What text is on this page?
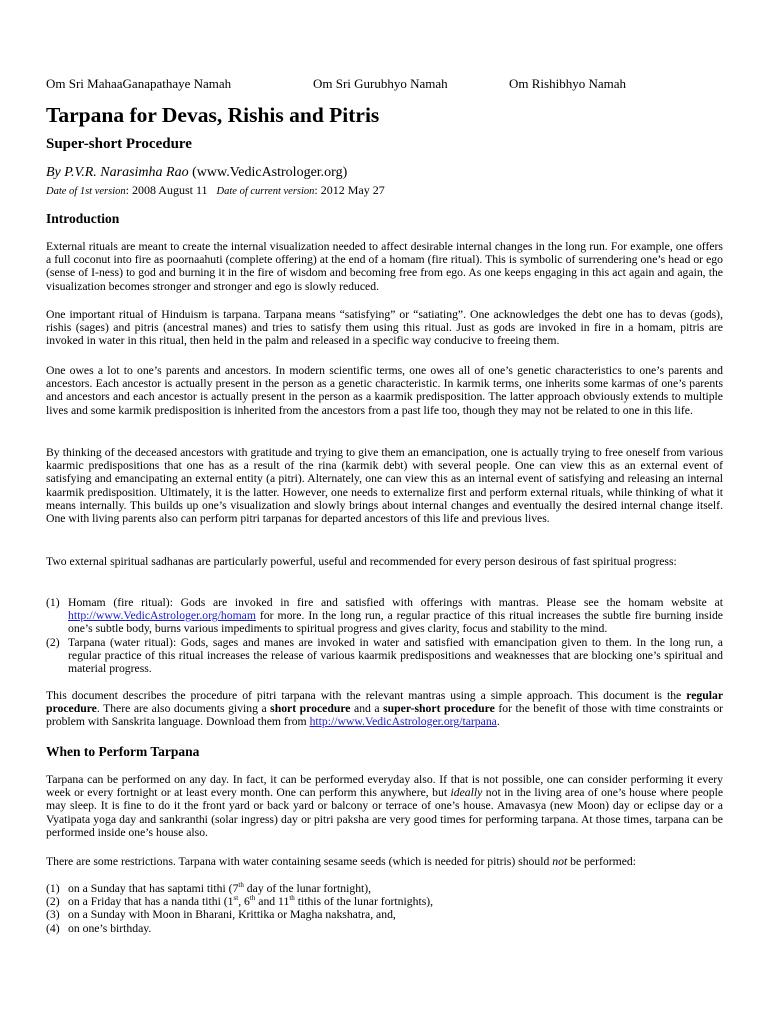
Om Sri MahaaGanapathaye Namah	Om Sri Gurubhyo Namah	Om Rishibhyo Namah
Tarpana for Devas, Rishis and Pitris
Super-short Procedure
By P.V.R. Narasimha Rao (www.VedicAstrologer.org)
Date of 1st version: 2008 August 11 Date of current version: 2012 May 27
Introduction

External rituals are meant to create the internal visualization needed to affect desirable internal changes in the long run. For example, one offers a full coconut into fire as poornaahuti (complete offering) at the end of a homam (fire ritual). This is symbolic of surrendering one’s head or ego (sense of I-ness) to god and burning it in the fire of wisdom and becoming free from ego. As one keeps engaging in this act again and again, the visualization becomes stronger and stronger and ego is slowly reduced.

One important ritual of Hinduism is tarpana. Tarpana means “satisfying” or “satiating”. One acknowledges the debt one has to devas (gods), rishis (sages) and pitris (ancestral manes) and tries to satisfy them using this ritual. Just as gods are invoked in fire in a homam, pitris are invoked in water in this ritual, then held in the palm and released in a specific way conducive to freeing them.

One owes a lot to one’s parents and ancestors. In modern scientific terms, one owes all of one’s genetic characteristics to one’s parents and ancestors. Each ancestor is actually present in the person as a genetic characteristic. In karmik terms, one inherits some karmas of one’s parents and ancestors and each ancestor is actually present in the person as a kaarmik predisposition. The latter approach obviously extends to multiple lives and some karmik predisposition is inherited from the ancestors from a past life too, though they may not be related to one in this life.

By thinking of the deceased ancestors with gratitude and trying to give them an emancipation, one is actually trying to free oneself from various kaarmic predispositions that one has as a result of the rina (karmik debt) with several people. One can view this as an external event of satisfying and emancipating an external entity (a pitri). Alternately, one can view this as an internal event of satisfying and releasing an internal kaarmik predisposition. Ultimately, it is the latter. However, one needs to externalize first and perform external rituals, while thinking of what it means internally. This builds up one’s visualization and slowly brings about internal changes and eventually the desired internal change itself. One with living parents also can perform pitri tarpanas for departed ancestors of this life and previous lives.

Two external spiritual sadhanas are particularly powerful, useful and recommended for every person desirous of fast spiritual progress:

(1) Homam (fire ritual): Gods are invoked in fire and satisfied with offerings with mantras. Please see the homam website at http://www.VedicAstrologer.org/homam for more. In the long run, a regular practice of this ritual increases the subtle fire burning inside one’s subtle body, burns various impediments to spiritual progress and gives clarity, focus and stability to the mind.
(2) Tarpana (water ritual): Gods, sages and manes are invoked in water and satisfied with emancipation given to them. In the long run, a regular practice of this ritual increases the release of various kaarmik predispositions and weaknesses that are blocking one’s spiritual and material progress.

This document describes the procedure of pitri tarpana with the relevant mantras using a simple approach. This document is the regular procedure. There are also documents giving a short procedure and a super-short procedure for the benefit of those with time constraints or problem with Sanskrita language. Download them from http://www.VedicAstrologer.org/tarpana.

When to Perform Tarpana

Tarpana can be performed on any day. In fact, it can be performed everyday also. If that is not possible, one can consider performing it every week or every fortnight or at least every month. One can perform this anywhere, but ideally not in the living area of one’s house where people may sleep. It is fine to do it the front yard or back yard or balcony or terrace of one’s house. Amavasya (new Moon) day or eclipse day or a Vyatipata yoga day and sankranthi (solar ingress) day or pitri paksha are very good times for performing tarpana. At those times, tarpana can be performed inside one’s house also.

There are some restrictions. Tarpana with water containing sesame seeds (which is needed for pitris) should not be performed:

(1) on a Sunday that has saptami tithi (7th day of the lunar fortnight),
(2) on a Friday that has a nanda tithi (1st, 6th and 11th tithis of the lunar fortnights),
(3) on a Sunday with Moon in Bharani, Krittika or Magha nakshatra, and,
(4) on one’s birthday.
